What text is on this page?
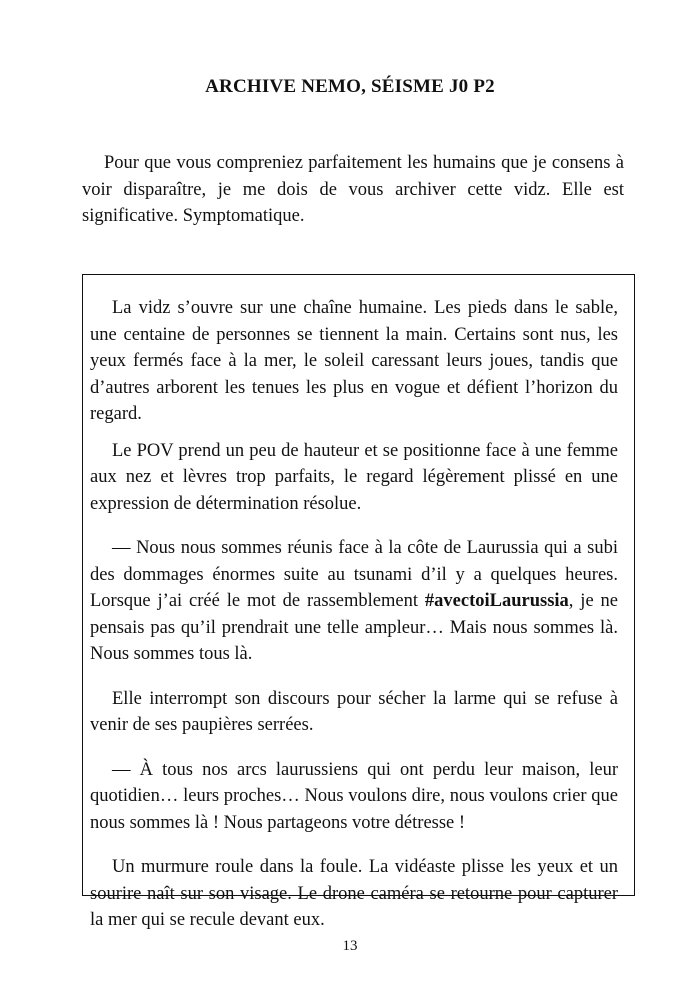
ARCHIVE NEMO, SÉISME J0 P2

Pour que vous compreniez parfaitement les humains que je consens à voir disparaître, je me dois de vous archiver cette vidz. Elle est significative. Symptomatique.

La vidz s’ouvre sur une chaîne humaine. Les pieds dans le sable, une centaine de personnes se tiennent la main. Certains sont nus, les yeux fermés face à la mer, le soleil caressant leurs joues, tandis que d’autres arborent les tenues les plus en vogue et défient l’horizon du regard.

Le POV prend un peu de hauteur et se positionne face à une femme aux nez et lèvres trop parfaits, le regard légèrement plissé en une expression de détermination résolue.

— Nous nous sommes réunis face à la côte de Laurussia qui a subi des dommages énormes suite au tsunami d’il y a quelques heures. Lorsque j’ai créé le mot de rassemblement #avectoiLaurussia, je ne pensais pas qu’il prendrait une telle ampleur… Mais nous sommes là. Nous sommes tous là.

Elle interrompt son discours pour sécher la larme qui se refuse à venir de ses paupières serrées.

— À tous nos arcs laurussiens qui ont perdu leur maison, leur quotidien… leurs proches… Nous voulons dire, nous voulons crier que nous sommes là ! Nous partageons votre détresse !

Un murmure roule dans la foule. La vidéaste plisse les yeux et un sourire naît sur son visage. Le drone caméra se retourne pour capturer la mer qui se recule devant eux.

13
